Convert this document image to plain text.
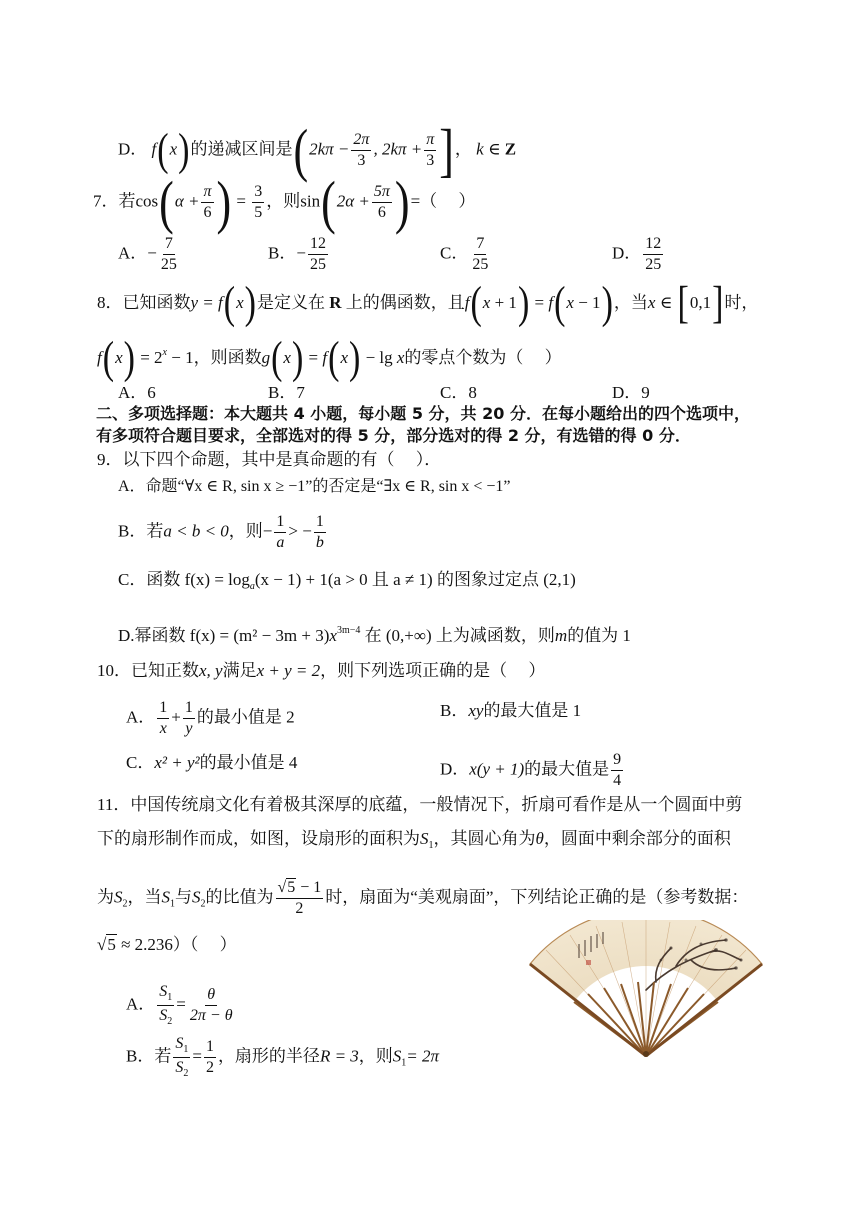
D． f(x)的递减区间是($2k\pi - \frac{2\pi}{3}$ , $2k\pi + \frac{\pi}{3}$ ]， k ∈ Z
7．若$\cos(\alpha + \frac{\pi}{6}$ ) = $\frac{3}{5}$ ，则$\sin(2\alpha + \frac{5\pi}{6}$ )=（　 ）
A．− $\frac{7}{25}$	B．− $\frac{12}{25}$	C． $\frac{7}{25}$	D． $\frac{12}{25}$
8．已知函数y = f(x)是定义在 R 上的偶函数，且f(x + 1) = f(x − 1)，当x ∈ [0,1]时，
$f(x) = 2^x - 1$，则函数g(x) = f(x) − lg x的零点个数为（　 ）
A．6	B．7	C．8	D．9
二、多项选择题：本大题共 4 小题，每小题 5 分，共 20 分．在每小题给出的四个选项中，
有多项符合题目要求，全部选对的得 5 分，部分选对的得 2 分，有选错的得 0 分．
9．以下四个命题，其中是真命题的有（　 ）．
A．命题“∀x ∈ R, sin x ≥ −1”的否定是“∃x ∈ R, sin x < −1”
B．若a < b < 0，则− $\frac{1}{a}$ > − $\frac{1}{b}$
C．函数 $f(x) = \log_a(x - 1) + 1(a > 0$ 且 a ≠ 1) 的图象过定点 (2,1)
D.幂函数 $f(x) = (m^2 - 3m + 3)x^{3m-4}$ 在 (0,+∞) 上为减函数，则m的值为 1
10．已知正数x, y满足x + y = 2，则下列选项正确的是（　 ）
A． $\frac{1}{x} + \frac{1}{y}$ 的最小值是 2	B．xy的最大值是 1
C．x² + y²的最小值是 4	D．x(y + 1)的最大值是 $\frac{9}{4}$
11．中国传统扇文化有着极其深厚的底蕴，一般情况下，折扇可看作是从一个圆面中剪
下的扇形制作而成，如图，设扇形的面积为$S_1$，其圆心角为θ，圆面中剩余部分的面积
为$S_2$，当$S_1$与$S_2$的比值为 $\frac{√5 - 1}{2}$ 时，扇面为“美观扇面”，下列结论正确的是（参考数据：
√5 ≈ 2.236）（　 ）
A． $\frac{S_1}{S_2} = \frac{\theta}{2\pi - \theta}$
B．若 $\frac{S_1}{S_2} = \frac{1}{2}$ ，扇形的半径R = 3，则$S_1= 2\pi$
